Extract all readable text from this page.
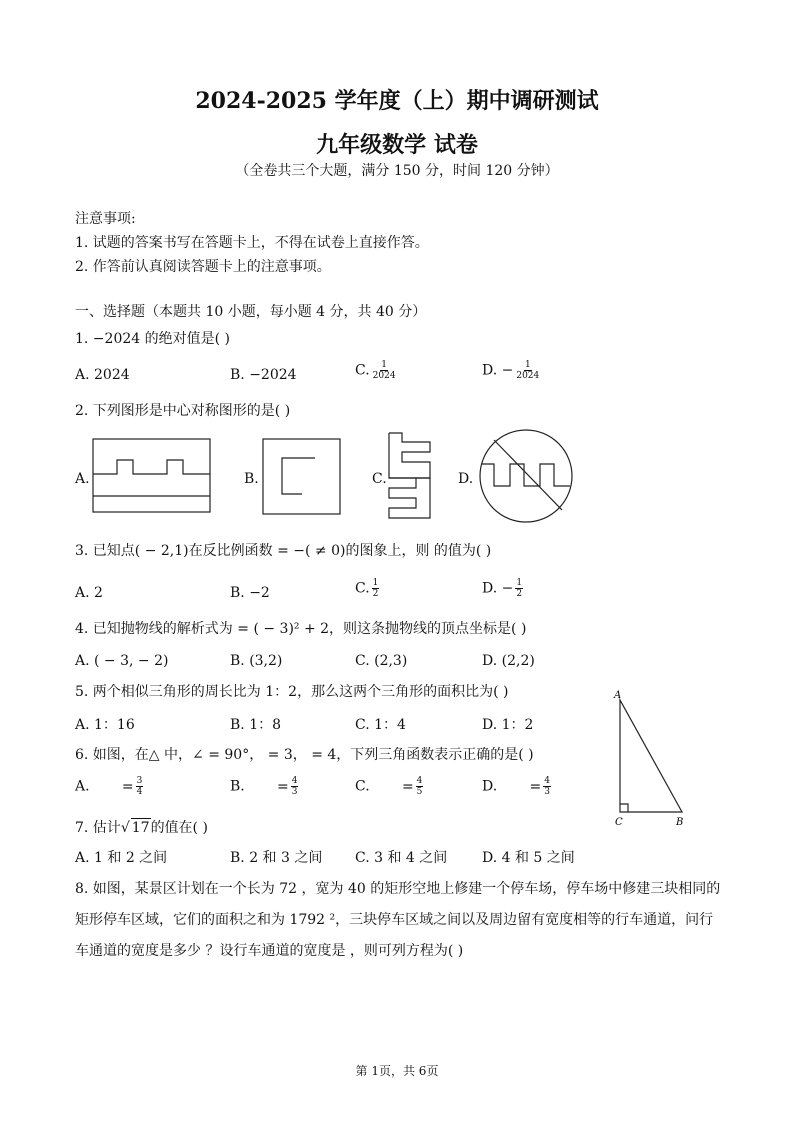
2024-2025 学年度（上）期中调研测试
九年级数学 试卷
（全卷共三个大题，满分 150 分，时间 120 分钟）
注意事项:
1. 试题的答案书写在答题卡上，不得在试卷上直接作答。
2. 作答前认真阅读答题卡上的注意事项。
一、选择题（本题共 10 小题，每小题 4 分，共 40 分）
1. −2024 的绝对值是( )
A. 2024	B. −2024	C. $\frac{1}{2024}$	D. − $\frac{1}{2024}$
2. 下列图形是中心对称图形的是( )
A.	B.	C.	D.
3. 已知点( − 2,1)在反比例函数 = −( ≠ 0)的图象上，则 的值为( )
A. 2	B. −2	C. $\frac{1}{2}$	D. − $\frac{1}{2}$
4. 已知抛物线的解析式为 = ( − 3)² + 2，则这条抛物线的顶点坐标是( )
A. ( − 3, − 2)	B. (3,2)	C. (2,3)	D. (2,2)
5. 两个相似三角形的周长比为 1：2，那么这两个三角形的面积比为( )
A. 1：16	B. 1：8	C. 1：4	D. 1：2
6. 如图，在△ 中，∠ = 90°， = 3， = 4，下列三角函数表示正确的是( )
A. = $\frac{3}{4}$	B. = $\frac{4}{3}$	C. = $\frac{4}{5}$	D. = $\frac{4}{3}$
A
C	B
7. 估计√ 17的值在( )
A. 1 和 2 之间	B. 2 和 3 之间 C. 3 和 4 之间 D. 4 和 5 之间
8. 如图，某景区计划在一个长为 72 ，宽为 40 的矩形空地上修建一个停车场，停车场中修建三块相同的
矩形停车区域，它们的面积之和为 1792 ²，三块停车区域之间以及周边留有宽度相等的行车通道，问行
车通道的宽度是多少 ？设行车通道的宽度是 ，则可列方程为( )
第 1页，共 6页
